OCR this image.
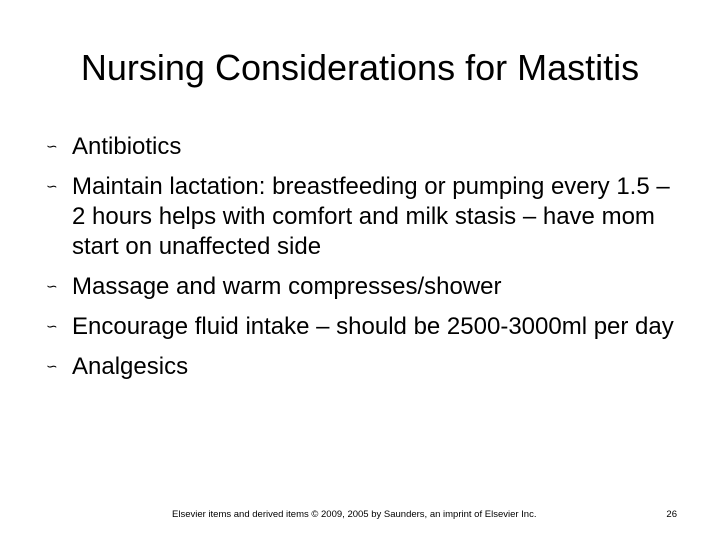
Nursing Considerations for Mastitis
∽ Antibiotics
∽ Maintain lactation: breastfeeding or pumping every 1.5 – 2 hours helps with comfort and milk stasis – have mom start on unaffected side
∽ Massage and warm compresses/shower
∽ Encourage fluid intake – should be 2500-3000ml per day
∽ Analgesics
Elsevier items and derived items © 2009, 2005 by Saunders, an imprint of Elsevier Inc.	26
